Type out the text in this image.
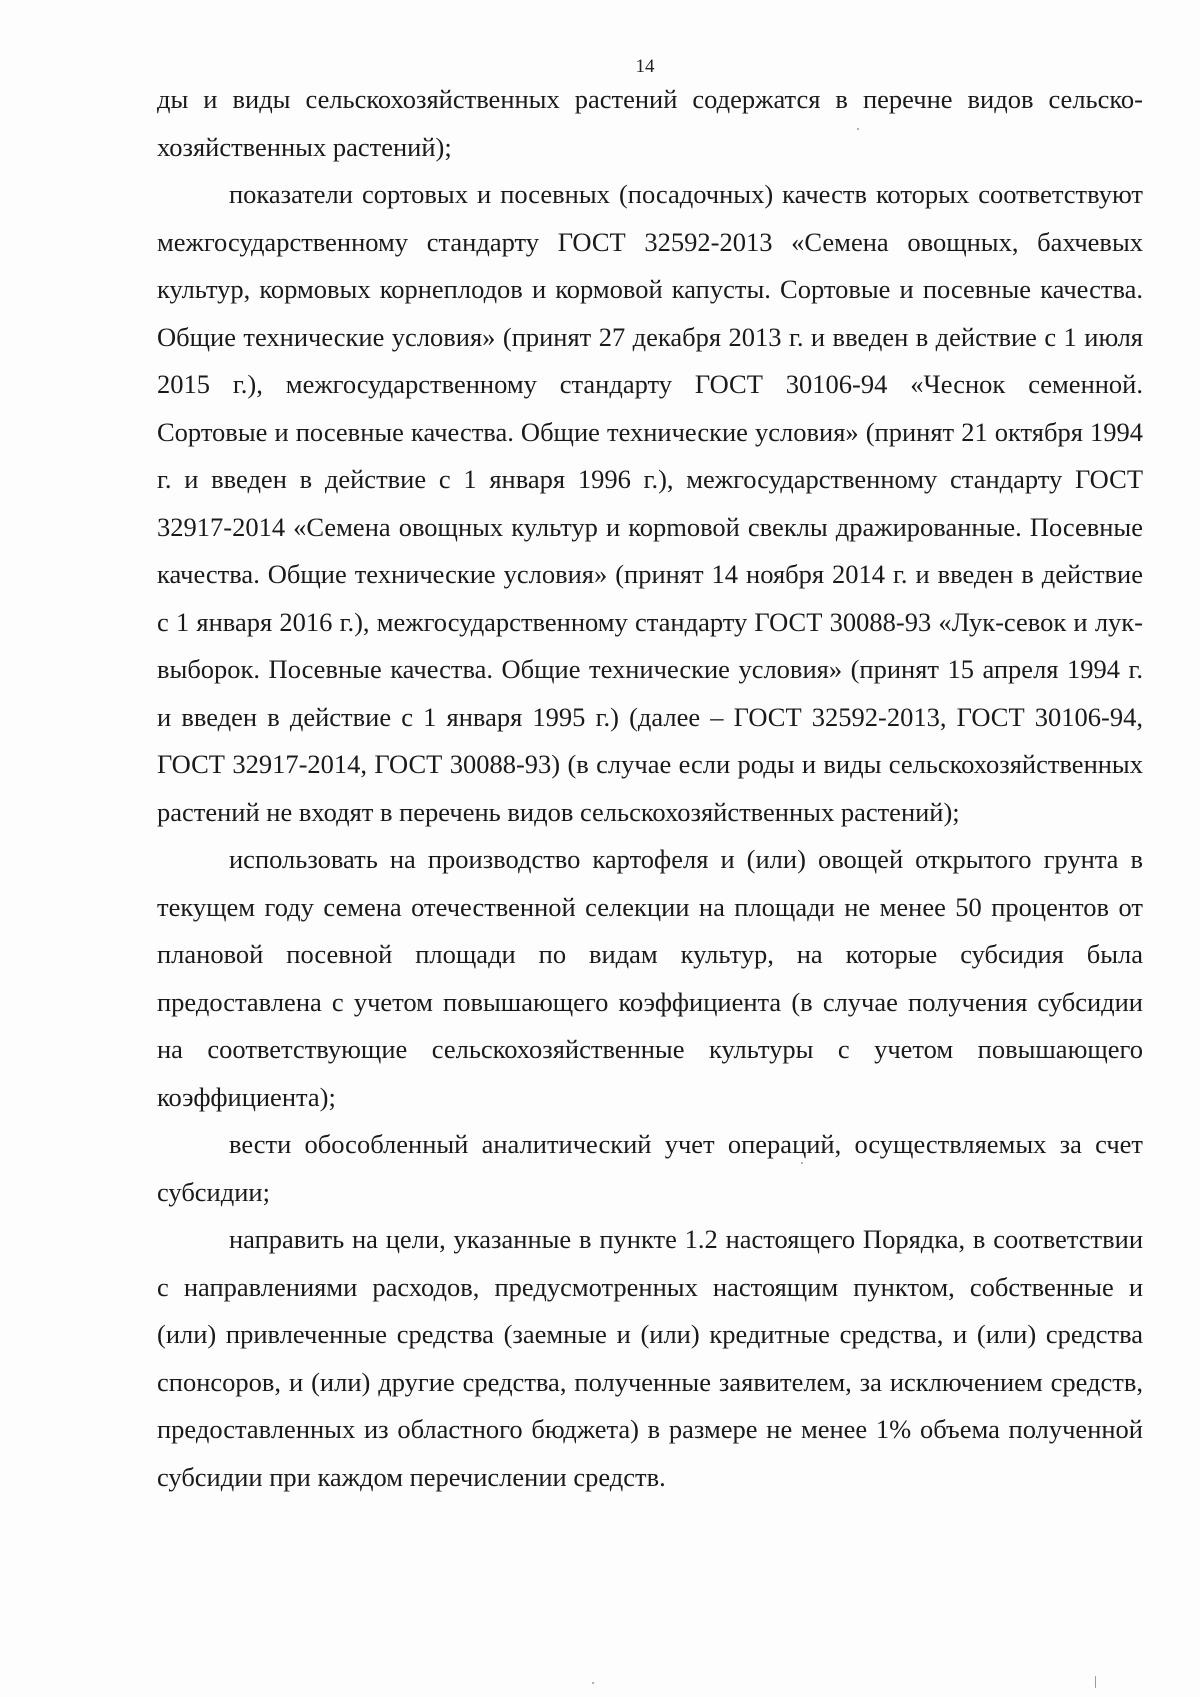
14

ды и виды сельскохозяйственных растений содержатся в перечне видов сельскохозяйственных растений);

показатели сортовых и посевных (посадочных) качеств которых соответствуют межгосударственному стандарту ГОСТ 32592-2013 «Семена овощных, бахчевых культур, кормовых корнеплодов и кормовой капусты. Сортовые и посевные качества. Общие технические условия» (принят 27 декабря 2013 г. и введен в действие с 1 июля 2015 г.), межгосударственному стандарту ГОСТ 30106-94 «Чеснок семенной. Сортовые и посевные качества. Общие технические условия» (принят 21 октября 1994 г. и введен в действие с 1 января 1996 г.), межгосударственному стандарту ГОСТ 32917-2014 «Семена овощных культур и корmовой свеклы дражированные. Посевные качества. Общие технические условия» (принят 14 ноября 2014 г. и введен в действие с 1 января 2016 г.), межгосударственному стандарту ГОСТ 30088-93 «Лук-севок и лук-выборок. Посевные качества. Общие технические условия» (принят 15 апреля 1994 г. и введен в действие с 1 января 1995 г.) (далее – ГОСТ 32592-2013, ГОСТ 30106-94, ГОСТ 32917-2014, ГОСТ 30088-93) (в случае если роды и виды сельскохозяйственных растений не входят в перечень видов сельскохозяйственных растений);

использовать на производство картофеля и (или) овощей открытого грунта в текущем году семена отечественной селекции на площади не менее 50 процентов от плановой посевной площади по видам культур, на которые субсидия была предоставлена с учетом повышающего коэффициента (в случае получения субсидии на соответствующие сельскохозяйственные культуры с учетом повышающего коэффициента);

вести обособленный аналитический учет операций, осуществляемых за счет субсидии;

направить на цели, указанные в пункте 1.2 настоящего Порядка, в соответствии с направлениями расходов, предусмотренных настоящим пунктом, собственные и (или) привлеченные средства (заемные и (или) кредитные средства, и (или) средства спонсоров, и (или) другие средства, полученные заявителем, за исключением средств, предоставленных из областного бюджета) в размере не менее 1% объема полученной субсидии при каждом перечислении средств.
